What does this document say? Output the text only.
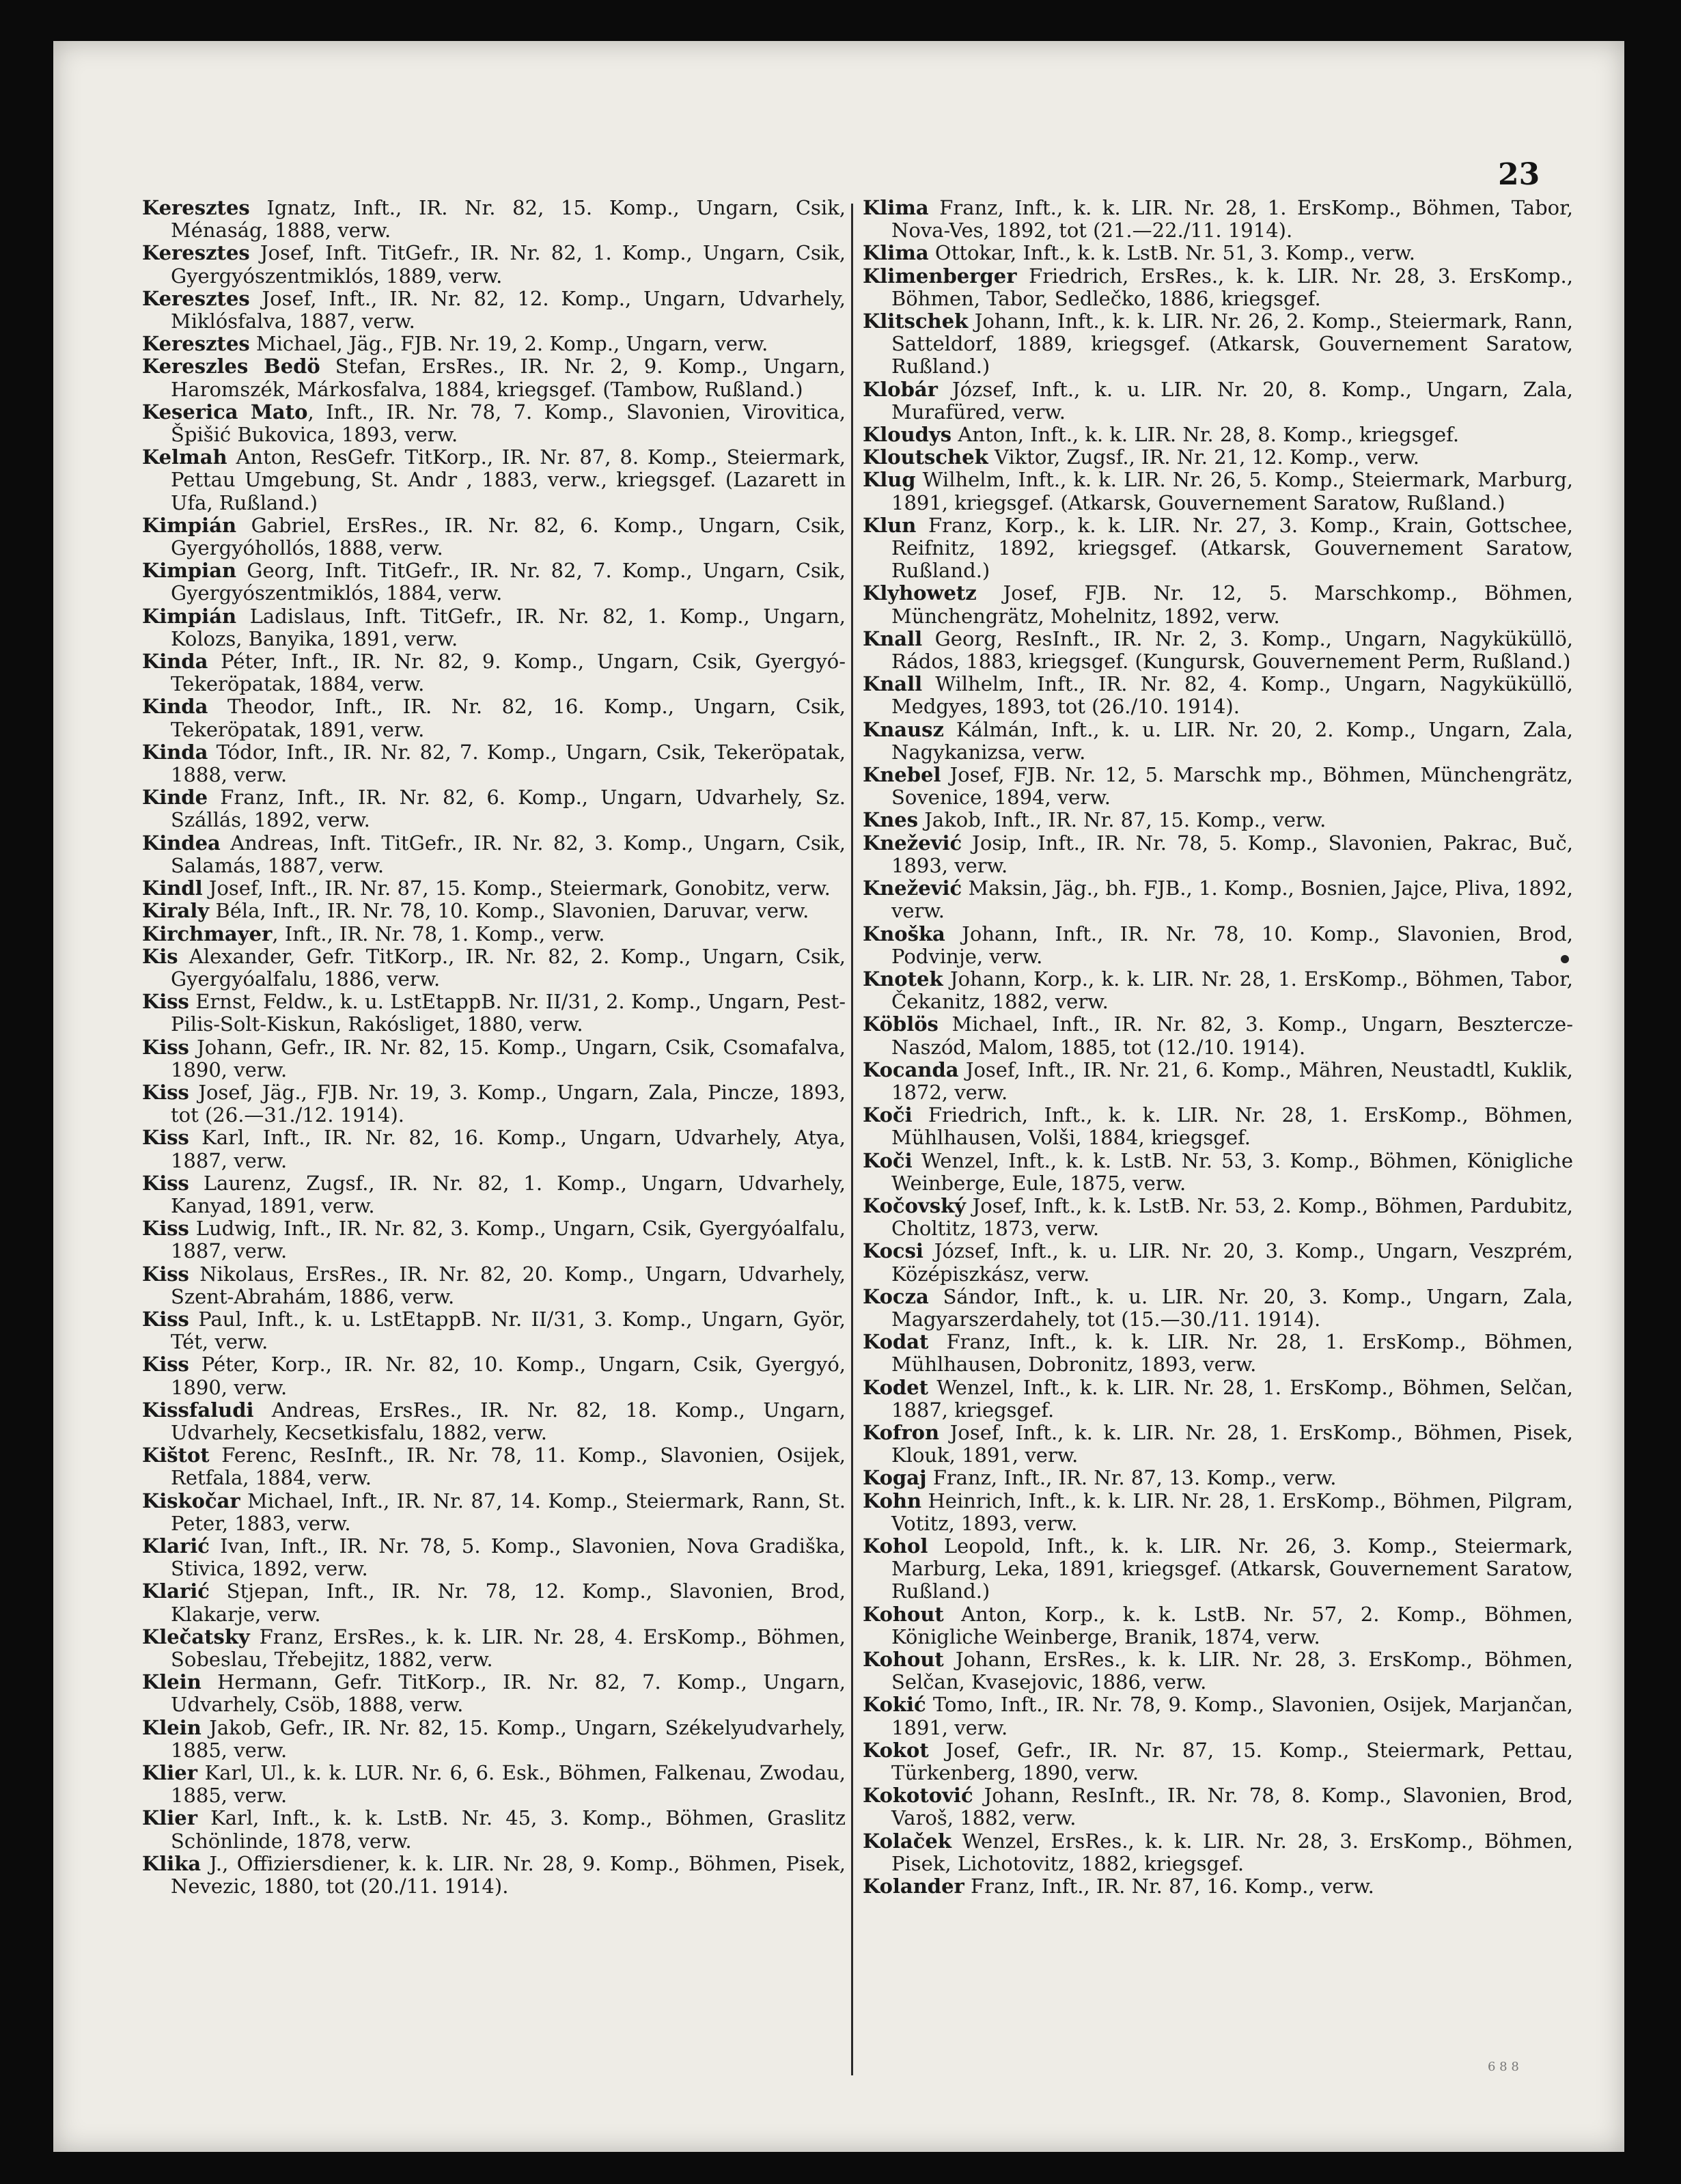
23

Keresztes Ignatz, Inft., IR. Nr. 82, 15. Komp., Ungarn, Csik, Ménaság, 1888, verw.

Keresztes Josef, Inft. TitGefr., IR. Nr. 82, 1. Komp., Ungarn, Csik, Gyergyószentmiklós, 1889, verw.

Keresztes Josef, Inft., IR. Nr. 82, 12. Komp., Ungarn, Udvarhely, Miklósfalva, 1887, verw.

Keresztes Michael, Jäg., FJB. Nr. 19, 2. Komp., Ungarn, verw.

Kereszles Bedö Stefan, ErsRes., IR. Nr. 2, 9. Komp., Ungarn, Haromszék, Márkosfalva, 1884, kriegsgef. (Tambow, Rußland.)

Keserica Mato, Inft., IR. Nr. 78, 7. Komp., Slavonien, Virovitica, Špišić Bukovica, 1893, verw.

Kelmah Anton, ResGefr. TitKorp., IR. Nr. 87, 8. Komp., Steiermark, Pettau Umgebung, St. Andr , 1883, verw., kriegsgef. (Lazarett in Ufa, Rußland.)

Kimpián Gabriel, ErsRes., IR. Nr. 82, 6. Komp., Ungarn, Csik, Gyergyóhollós, 1888, verw.

Kimpian Georg, Inft. TitGefr., IR. Nr. 82, 7. Komp., Ungarn, Csik, Gyergyószentmiklós, 1884, verw.

Kimpián Ladislaus, Inft. TitGefr., IR. Nr. 82, 1. Komp., Ungarn, Kolozs, Banyika, 1891, verw.

Kinda Péter, Inft., IR. Nr. 82, 9. Komp., Ungarn, Csik, Gyergyó-Tekeröpatak, 1884, verw.

Kinda Theodor, Inft., IR. Nr. 82, 16. Komp., Ungarn, Csik, Tekeröpatak, 1891, verw.

Kinda Tódor, Inft., IR. Nr. 82, 7. Komp., Ungarn, Csik, Tekeröpatak, 1888, verw.

Kinde Franz, Inft., IR. Nr. 82, 6. Komp., Ungarn, Udvarhely, Sz. Szállás, 1892, verw.

Kindea Andreas, Inft. TitGefr., IR. Nr. 82, 3. Komp., Ungarn, Csik, Salamás, 1887, verw.

Kindl Josef, Inft., IR. Nr. 87, 15. Komp., Steiermark, Gonobitz, verw.

Kiraly Béla, Inft., IR. Nr. 78, 10. Komp., Slavonien, Daruvar, verw.

Kirchmayer, Inft., IR. Nr. 78, 1. Komp., verw.

Kis Alexander, Gefr. TitKorp., IR. Nr. 82, 2. Komp., Ungarn, Csik, Gyergyóalfalu, 1886, verw.

Kiss Ernst, Feldw., k. u. LstEtappB. Nr. II/31, 2. Komp., Ungarn, Pest-Pilis-Solt-Kiskun, Rakósliget, 1880, verw.

Kiss Johann, Gefr., IR. Nr. 82, 15. Komp., Ungarn, Csik, Csomafalva, 1890, verw.

Kiss Josef, Jäg., FJB. Nr. 19, 3. Komp., Ungarn, Zala, Pincze, 1893, tot (26.—31./12. 1914).

Kiss Karl, Inft., IR. Nr. 82, 16. Komp., Ungarn, Udvarhely, Atya, 1887, verw.

Kiss Laurenz, Zugsf., IR. Nr. 82, 1. Komp., Ungarn, Udvarhely, Kanyad, 1891, verw.

Kiss Ludwig, Inft., IR. Nr. 82, 3. Komp., Ungarn, Csik, Gyergyóalfalu, 1887, verw.

Kiss Nikolaus, ErsRes., IR. Nr. 82, 20. Komp., Ungarn, Udvarhely, Szent-Abrahám, 1886, verw.

Kiss Paul, Inft., k. u. LstEtappB. Nr. II/31, 3. Komp., Ungarn, Györ, Tét, verw.

Kiss Péter, Korp., IR. Nr. 82, 10. Komp., Ungarn, Csik, Gyergyó, 1890, verw.

Kissfaludi Andreas, ErsRes., IR. Nr. 82, 18. Komp., Ungarn, Udvarhely, Kecsetkisfalu, 1882, verw.

Kištot Ferenc, ResInft., IR. Nr. 78, 11. Komp., Slavonien, Osijek, Retfala, 1884, verw.

Kiskočar Michael, Inft., IR. Nr. 87, 14. Komp., Steiermark, Rann, St. Peter, 1883, verw.

Klarić Ivan, Inft., IR. Nr. 78, 5. Komp., Slavonien, Nova Gradiška, Stivica, 1892, verw.

Klarić Stjepan, Inft., IR. Nr. 78, 12. Komp., Slavonien, Brod, Klakarje, verw.

Klečatsky Franz, ErsRes., k. k. LIR. Nr. 28, 4. ErsKomp., Böhmen, Sobeslau, Třebejitz, 1882, verw.

Klein Hermann, Gefr. TitKorp., IR. Nr. 82, 7. Komp., Ungarn, Udvarhely, Csöb, 1888, verw.

Klein Jakob, Gefr., IR. Nr. 82, 15. Komp., Ungarn, Székelyudvarhely, 1885, verw.

Klier Karl, Ul., k. k. LUR. Nr. 6, 6. Esk., Böhmen, Falkenau, Zwodau, 1885, verw.

Klier Karl, Inft., k. k. LstB. Nr. 45, 3. Komp., Böhmen, Graslitz Schönlinde, 1878, verw.

Klika J., Offiziersdiener, k. k. LIR. Nr. 28, 9. Komp., Böhmen, Pisek, Nevezic, 1880, tot (20./11. 1914).

Klima Franz, Inft., k. k. LIR. Nr. 28, 1. ErsKomp., Böhmen, Tabor, Nova-Ves, 1892, tot (21.—22./11. 1914).

Klima Ottokar, Inft., k. k. LstB. Nr. 51, 3. Komp., verw.

Klimenberger Friedrich, ErsRes., k. k. LIR. Nr. 28, 3. ErsKomp., Böhmen, Tabor, Sedlečko, 1886, kriegsgef.

Klitschek Johann, Inft., k. k. LIR. Nr. 26, 2. Komp., Steiermark, Rann, Satteldorf, 1889, kriegsgef. (Atkarsk, Gouvernement Saratow, Rußland.)

Klobár József, Inft., k. u. LIR. Nr. 20, 8. Komp., Ungarn, Zala, Murafüred, verw.

Kloudys Anton, Inft., k. k. LIR. Nr. 28, 8. Komp., kriegsgef.

Kloutschek Viktor, Zugsf., IR. Nr. 21, 12. Komp., verw.

Klug Wilhelm, Inft., k. k. LIR. Nr. 26, 5. Komp., Steiermark, Marburg, 1891, kriegsgef. (Atkarsk, Gouvernement Saratow, Rußland.)

Klun Franz, Korp., k. k. LIR. Nr. 27, 3. Komp., Krain, Gottschee, Reifnitz, 1892, kriegsgef. (Atkarsk, Gouvernement Saratow, Rußland.)

Klyhowetz Josef, FJB. Nr. 12, 5. Marschkomp., Böhmen, Münchengrätz, Mohelnitz, 1892, verw.

Knall Georg, ResInft., IR. Nr. 2, 3. Komp., Ungarn, Nagyküküllö, Rádos, 1883, kriegsgef. (Kungursk, Gouvernement Perm, Rußland.)

Knall Wilhelm, Inft., IR. Nr. 82, 4. Komp., Ungarn, Nagyküküllö, Medgyes, 1893, tot (26./10. 1914).

Knausz Kálmán, Inft., k. u. LIR. Nr. 20, 2. Komp., Ungarn, Zala, Nagykanizsa, verw.

Knebel Josef, FJB. Nr. 12, 5. Marschk mp., Böhmen, Münchengrätz, Sovenice, 1894, verw.

Knes Jakob, Inft., IR. Nr. 87, 15. Komp., verw.

Knežević Josip, Inft., IR. Nr. 78, 5. Komp., Slavonien, Pakrac, Buč, 1893, verw.

Knežević Maksin, Jäg., bh. FJB., 1. Komp., Bosnien, Jajce, Pliva, 1892, verw.

Knoška Johann, Inft., IR. Nr. 78, 10. Komp., Slavonien, Brod, Podvinje, verw.

Knotek Johann, Korp., k. k. LIR. Nr. 28, 1. ErsKomp., Böhmen, Tabor, Čekanitz, 1882, verw.

Köblös Michael, Inft., IR. Nr. 82, 3. Komp., Ungarn, Besztercze-Naszód, Malom, 1885, tot (12./10. 1914).

Kocanda Josef, Inft., IR. Nr. 21, 6. Komp., Mähren, Neustadtl, Kuklik, 1872, verw.

Koči Friedrich, Inft., k. k. LIR. Nr. 28, 1. ErsKomp., Böhmen, Mühlhausen, Volši, 1884, kriegsgef.

Koči Wenzel, Inft., k. k. LstB. Nr. 53, 3. Komp., Böhmen, Königliche Weinberge, Eule, 1875, verw.

Kočovský Josef, Inft., k. k. LstB. Nr. 53, 2. Komp., Böhmen, Pardubitz, Choltitz, 1873, verw.

Kocsi József, Inft., k. u. LIR. Nr. 20, 3. Komp., Ungarn, Veszprém, Középiszkász, verw.

Kocza Sándor, Inft., k. u. LIR. Nr. 20, 3. Komp., Ungarn, Zala, Magyarszerdahely, tot (15.—30./11. 1914).

Kodat Franz, Inft., k. k. LIR. Nr. 28, 1. ErsKomp., Böhmen, Mühlhausen, Dobronitz, 1893, verw.

Kodet Wenzel, Inft., k. k. LIR. Nr. 28, 1. ErsKomp., Böhmen, Selčan, 1887, kriegsgef.

Kofron Josef, Inft., k. k. LIR. Nr. 28, 1. ErsKomp., Böhmen, Pisek, Klouk, 1891, verw.

Kogaj Franz, Inft., IR. Nr. 87, 13. Komp., verw.

Kohn Heinrich, Inft., k. k. LIR. Nr. 28, 1. ErsKomp., Böhmen, Pilgram, Votitz, 1893, verw.

Kohol Leopold, Inft., k. k. LIR. Nr. 26, 3. Komp., Steiermark, Marburg, Leka, 1891, kriegsgef. (Atkarsk, Gouvernement Saratow, Rußland.)

Kohout Anton, Korp., k. k. LstB. Nr. 57, 2. Komp., Böhmen, Königliche Weinberge, Branik, 1874, verw.

Kohout Johann, ErsRes., k. k. LIR. Nr. 28, 3. ErsKomp., Böhmen, Selčan, Kvasejovic, 1886, verw.

Kokić Tomo, Inft., IR. Nr. 78, 9. Komp., Slavonien, Osijek, Marjančan, 1891, verw.

Kokot Josef, Gefr., IR. Nr. 87, 15. Komp., Steiermark, Pettau, Türkenberg, 1890, verw.

Kokotović Johann, ResInft., IR. Nr. 78, 8. Komp., Slavonien, Brod, Varoš, 1882, verw.

Kolaček Wenzel, ErsRes., k. k. LIR. Nr. 28, 3. ErsKomp., Böhmen, Pisek, Lichotovitz, 1882, kriegsgef.

Kolander Franz, Inft., IR. Nr. 87, 16. Komp., verw.

6 8 8
